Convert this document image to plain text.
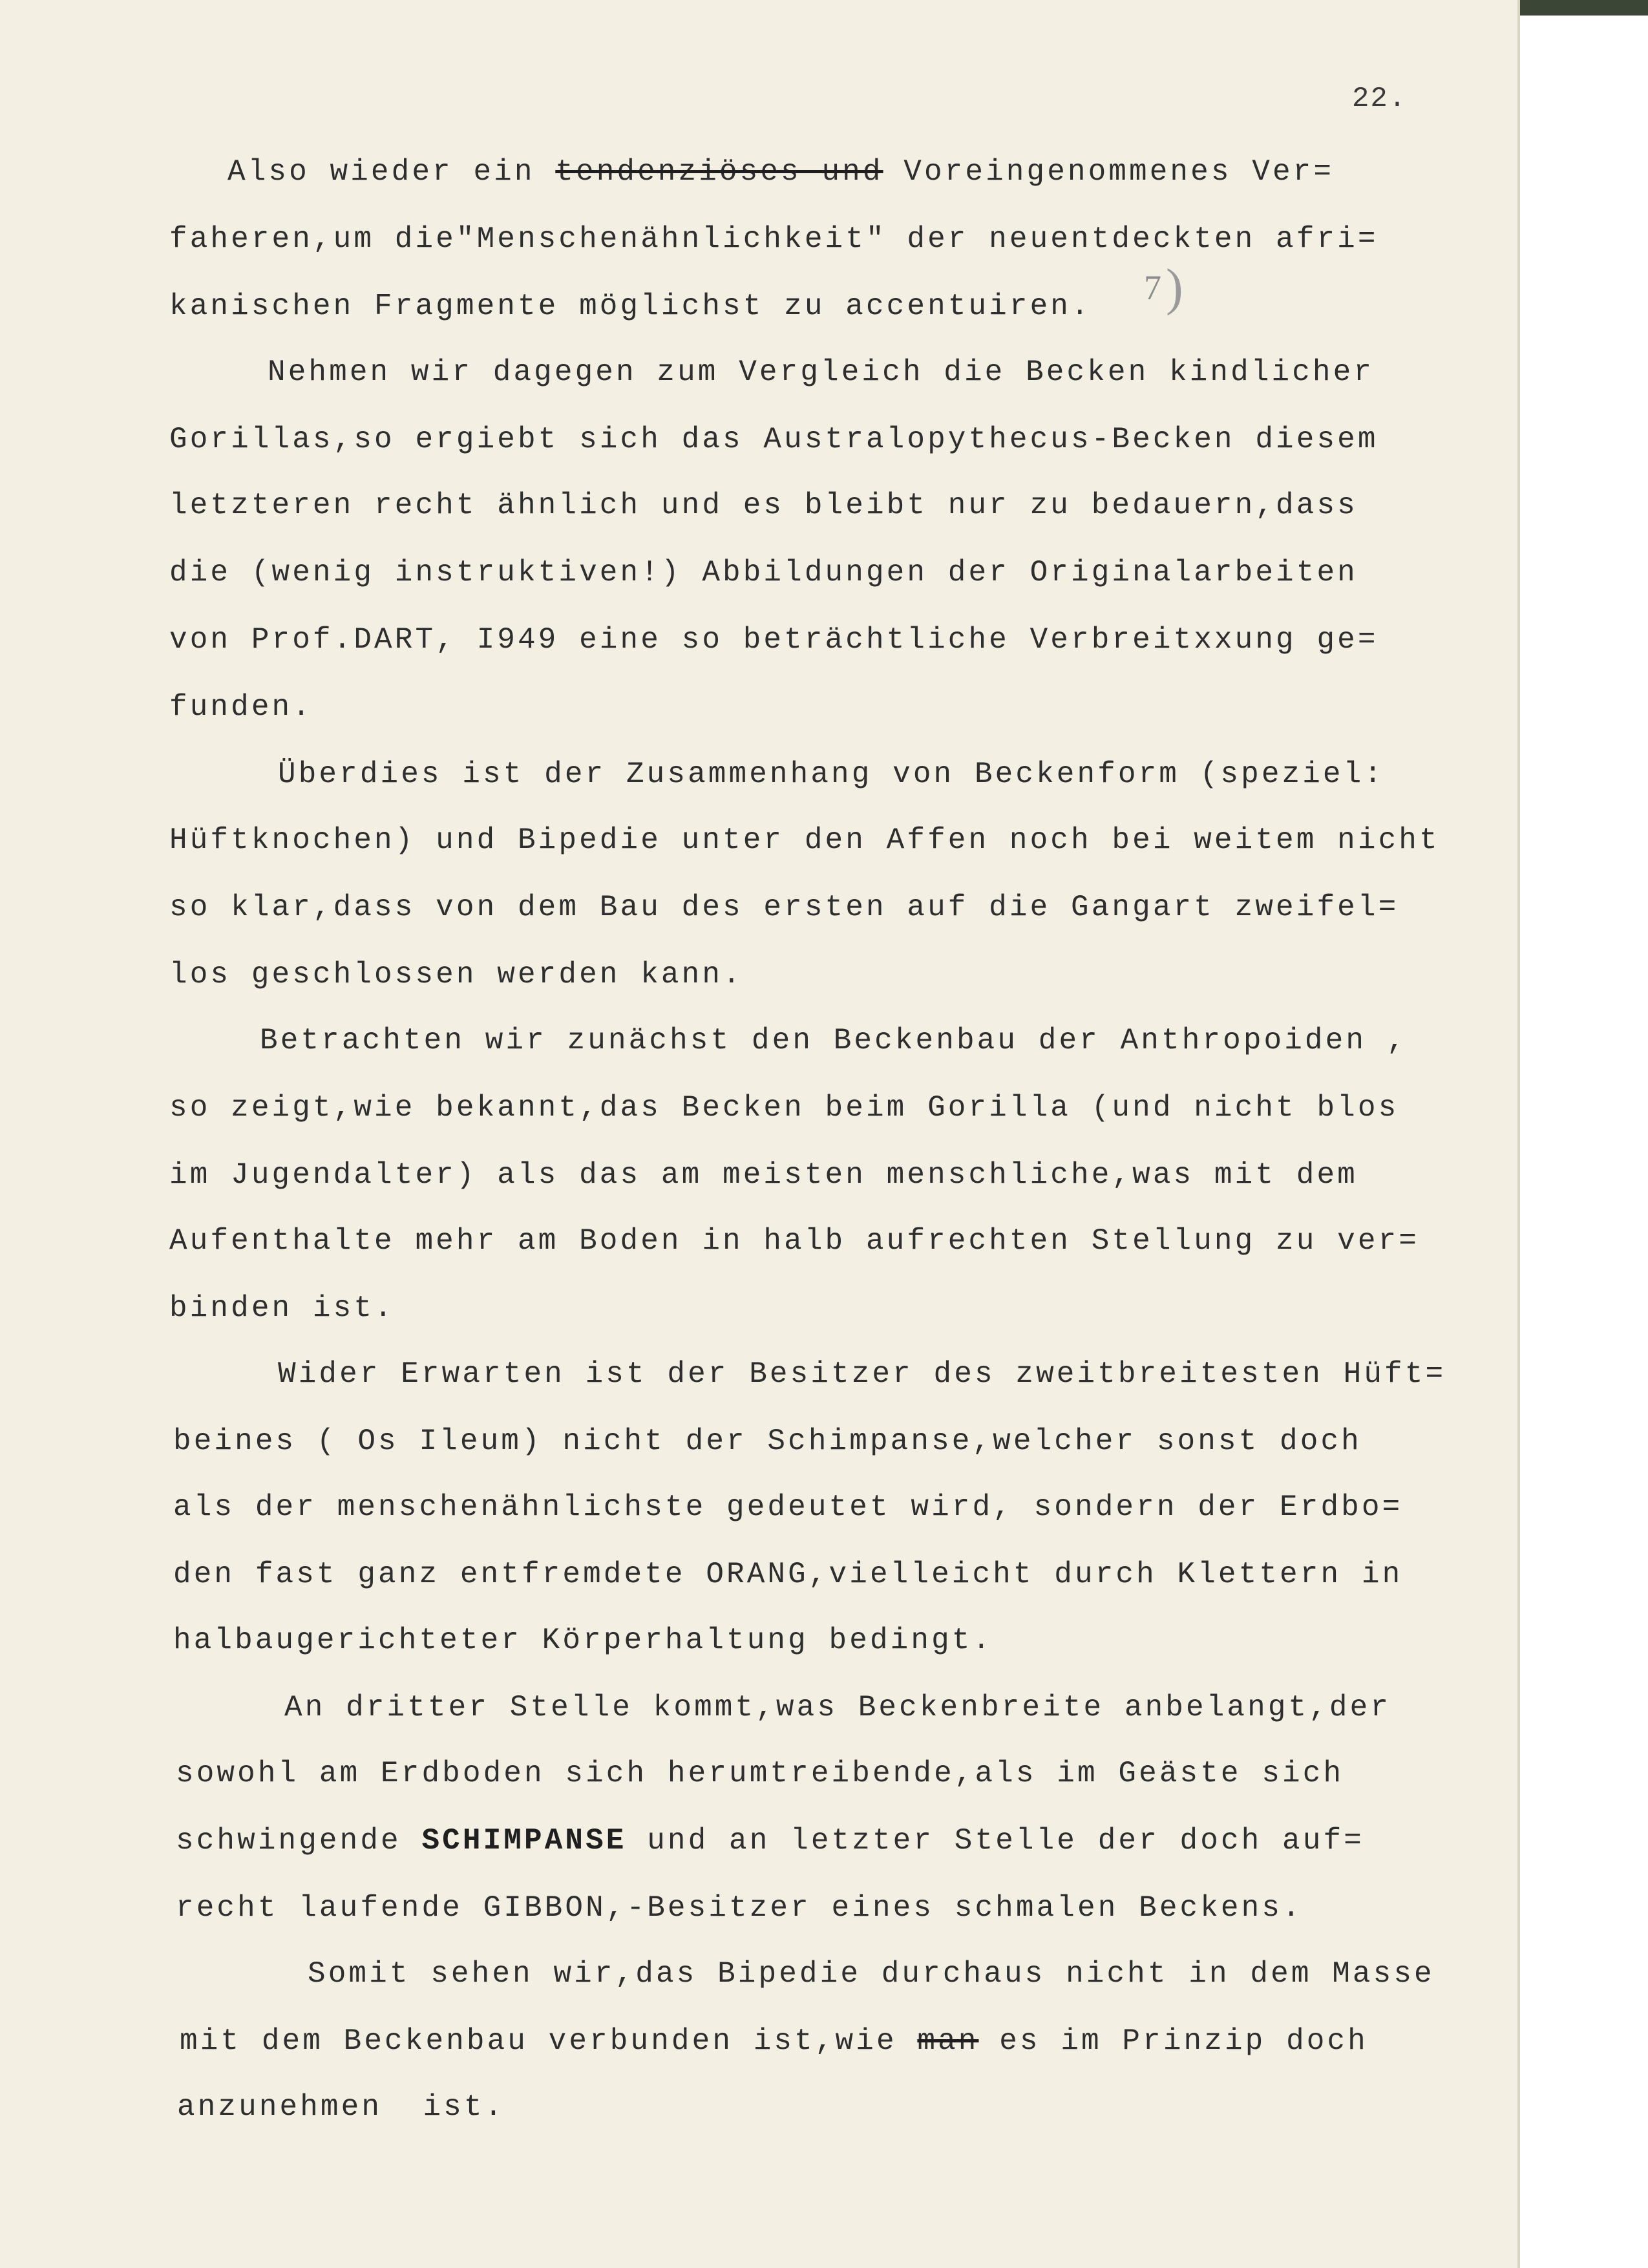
22.
7 )
Also wieder ein tendenziöses und Voreingenommenes Ver=
faheren,um die"Menschenähnlichkeit" der neuentdeckten afri=
kanischen Fragmente möglichst zu accentuiren.
Nehmen wir dagegen zum Vergleich die Becken kindlicher
Gorillas,so ergiebt sich das Australopythecus-Becken diesem
letzteren recht ähnlich und es bleibt nur zu bedauern,dass
die (wenig instruktiven!) Abbildungen der Originalarbeiten
von Prof.DART, I949 eine so beträchtliche Verbreitxxung ge=
funden.
Überdies ist der Zusammenhang von Beckenform (speziel:
Hüftknochen) und Bipedie unter den Affen noch bei weitem nicht
so klar,dass von dem Bau des ersten auf die Gangart zweifel=
los geschlossen werden kann.
Betrachten wir zunächst den Beckenbau der Anthropoiden ,
so zeigt,wie bekannt,das Becken beim Gorilla (und nicht blos
im Jugendalter) als das am meisten menschliche,was mit dem
Aufenthalte mehr am Boden in halb aufrechten Stellung zu ver=
binden ist.
Wider Erwarten ist der Besitzer des zweitbreitesten Hüft=
beines ( Os Ileum) nicht der Schimpanse,welcher sonst doch
als der menschenähnlichste gedeutet wird, sondern der Erdbo=
den fast ganz entfremdete ORANG,vielleicht durch Klettern in
halbaugerichteter Körperhaltung bedingt.
An dritter Stelle kommt,was Beckenbreite anbelangt,der
sowohl am Erdboden sich herumtreibende,als im Geäste sich
schwingende SCHIMPANSE und an letzter Stelle der doch auf=
recht laufende GIBBON,-Besitzer eines schmalen Beckens.
Somit sehen wir,das Bipedie durchaus nicht in dem Masse
mit dem Beckenbau verbunden ist,wie man es im Prinzip doch
anzunehmen  ist.
